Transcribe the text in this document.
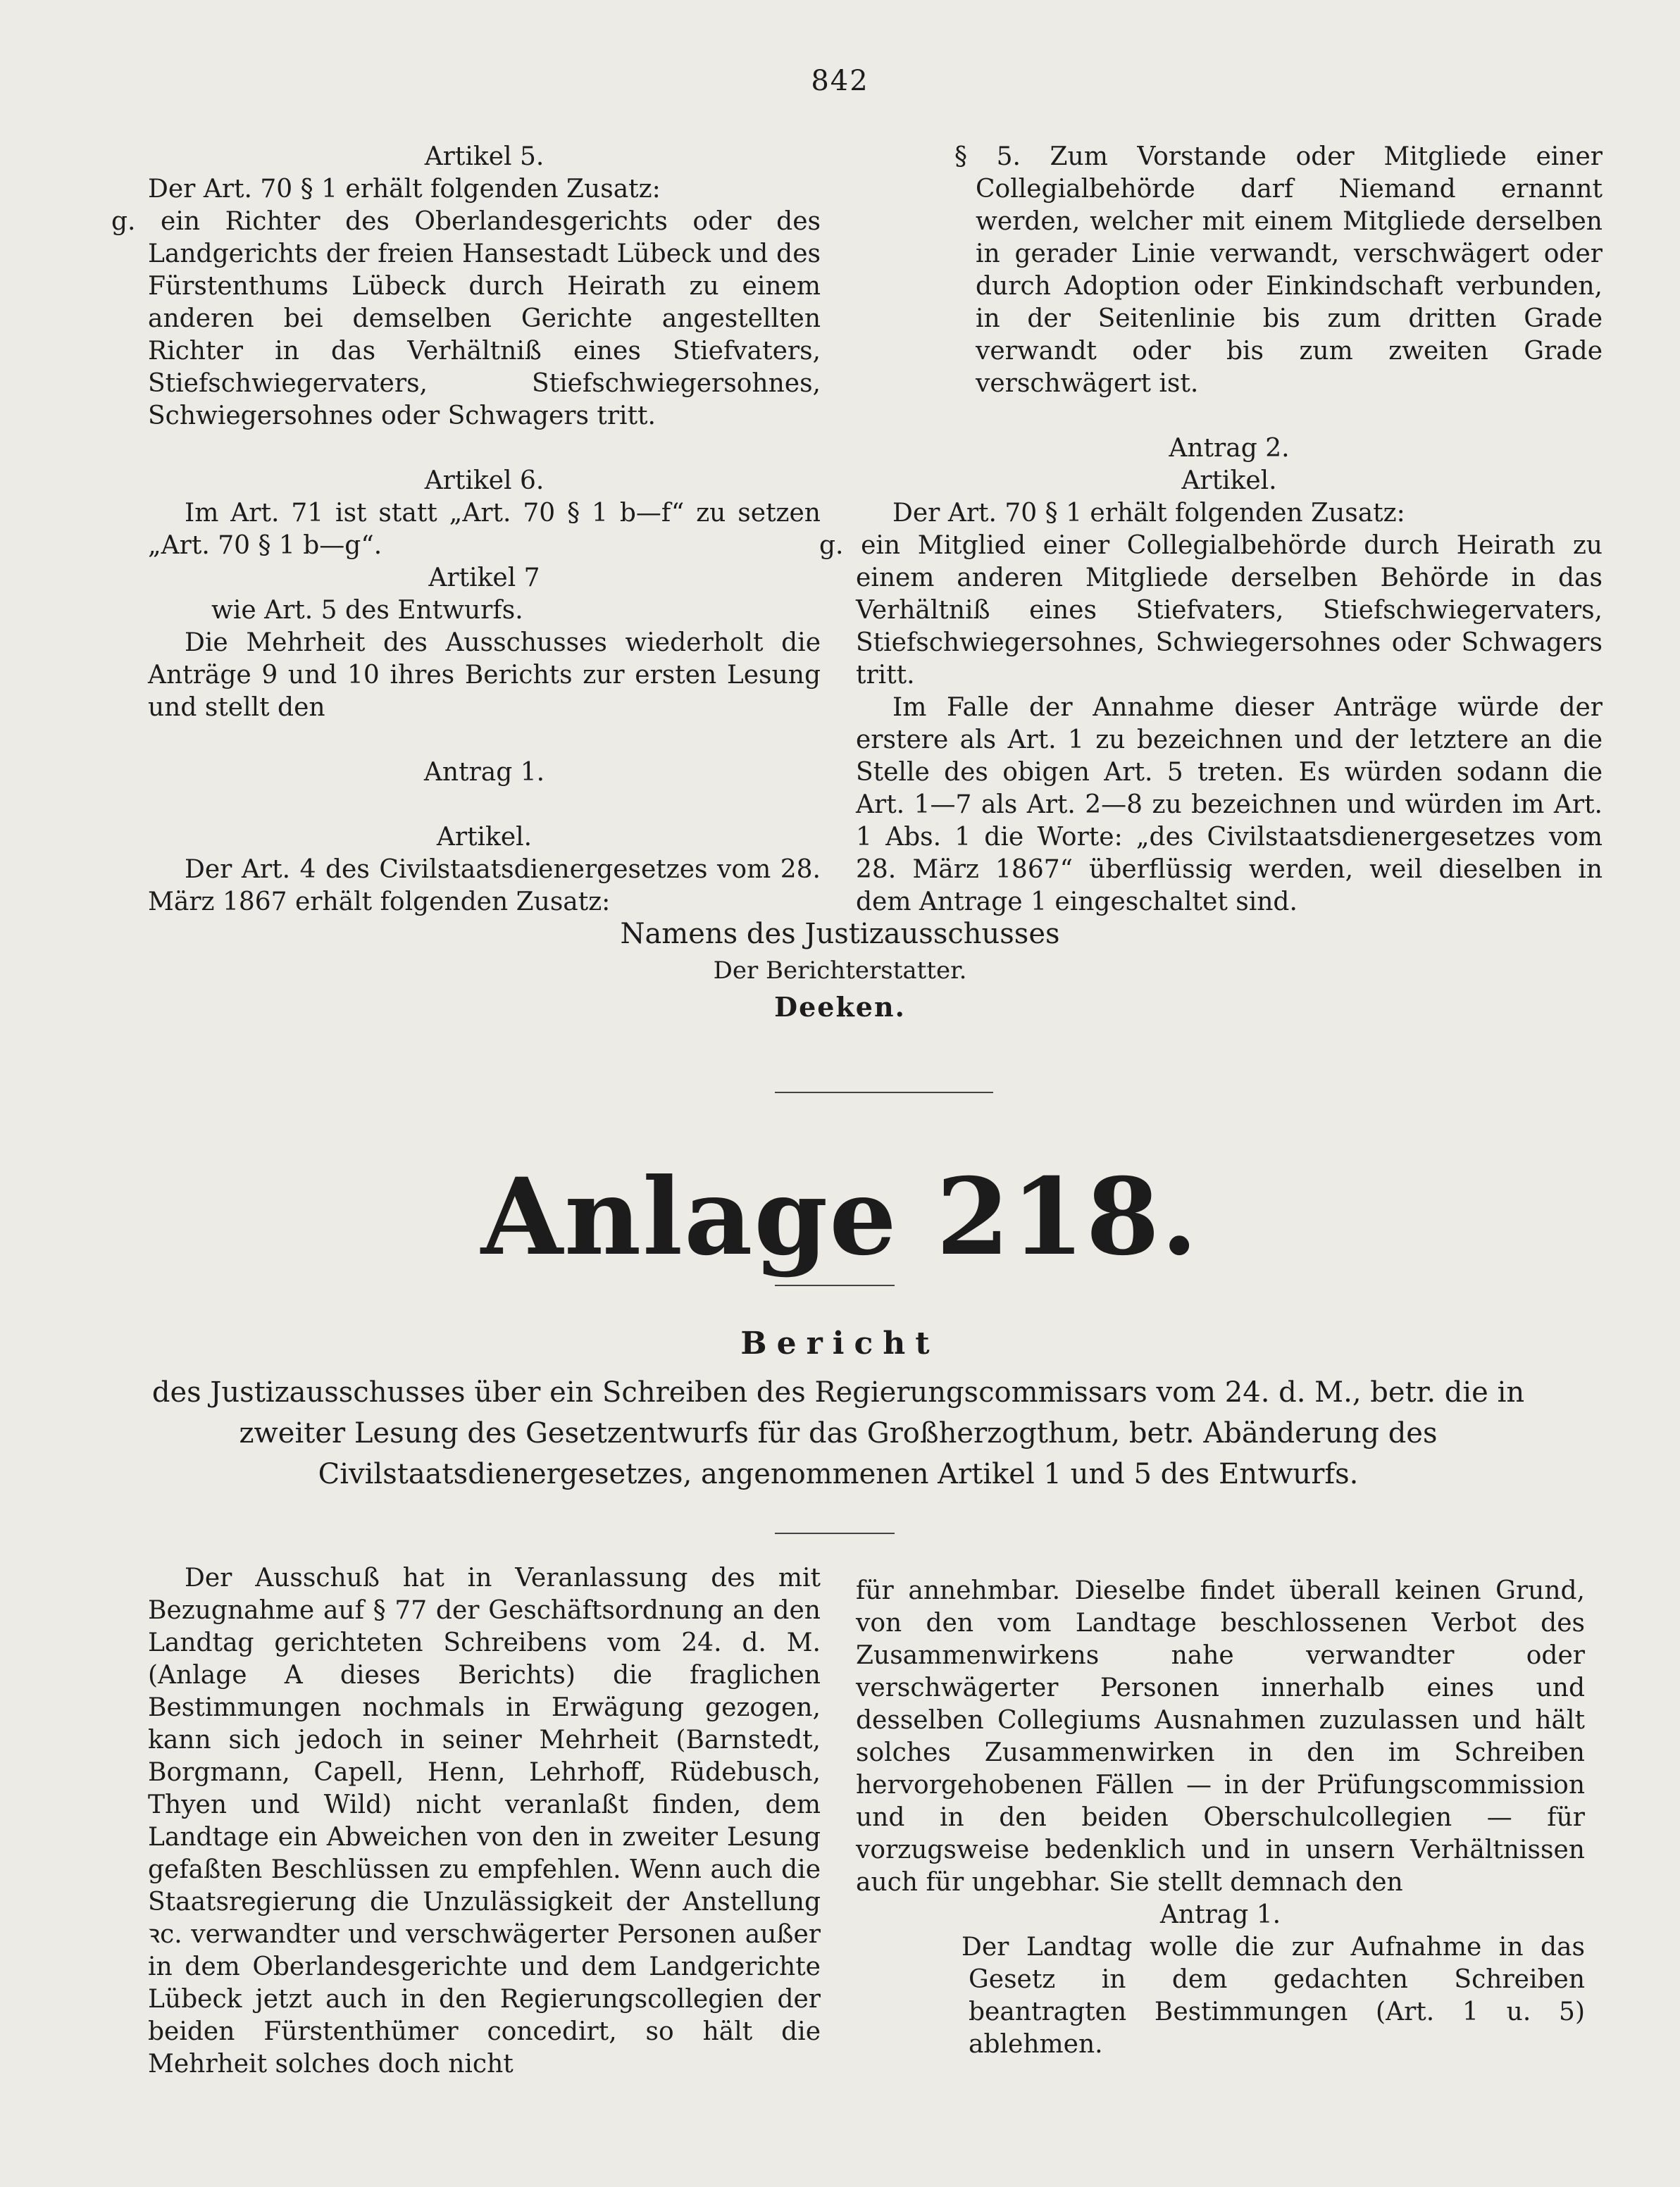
842

Artikel 5.

Der Art. 70 § 1 erhält folgenden Zusatz:

g. ein Richter des Oberlandesgerichts oder des Landgerichts der freien Hansestadt Lübeck und des Fürstenthums Lübeck durch Heirath zu einem anderen bei demselben Gerichte angestellten Richter in das Verhältniß eines Stiefvaters, Stiefschwiegervaters, Stiefschwiegersohnes, Schwiegersohnes oder Schwagers tritt.

Artikel 6.

Im Art. 71 ist statt „Art. 70 § 1 b—f“ zu setzen „Art. 70 § 1 b—g“.

Artikel 7

wie Art. 5 des Entwurfs.

Die Mehrheit des Ausschusses wiederholt die Anträge 9 und 10 ihres Berichts zur ersten Lesung und stellt den

Antrag 1.

Artikel.

Der Art. 4 des Civilstaatsdienergesetzes vom 28. März 1867 erhält folgenden Zusatz:

§ 5. Zum Vorstande oder Mitgliede einer Collegialbehörde darf Niemand ernannt werden, welcher mit einem Mitgliede derselben in gerader Linie verwandt, verschwägert oder durch Adoption oder Einkindschaft verbunden, in der Seitenlinie bis zum dritten Grade verwandt oder bis zum zweiten Grade verschwägert ist.

Antrag 2.

Artikel.

Der Art. 70 § 1 erhält folgenden Zusatz:

g. ein Mitglied einer Collegialbehörde durch Heirath zu einem anderen Mitgliede derselben Behörde in das Verhältniß eines Stiefvaters, Stiefschwiegervaters, Stiefschwiegersohnes, Schwiegersohnes oder Schwagers tritt.

Im Falle der Annahme dieser Anträge würde der erstere als Art. 1 zu bezeichnen und der letztere an die Stelle des obigen Art. 5 treten. Es würden sodann die Art. 1—7 als Art. 2—8 zu bezeichnen und würden im Art. 1 Abs. 1 die Worte: „des Civilstaatsdienergesetzes vom 28. März 1867“ überflüssig werden, weil dieselben in dem Antrage 1 eingeschaltet sind.

Namens des Justizausschusses

Der Berichterstatter.

Deeken.

Anlage 218.
Bericht
des Justizausschusses über ein Schreiben des Regierungscommissars vom 24. d. M., betr. die in zweiter Lesung des Gesetzentwurfs für das Großherzogthum, betr. Abänderung des Civilstaatsdienergesetzes, angenommenen Artikel 1 und 5 des Entwurfs.

Der Ausschuß hat in Veranlassung des mit Bezugnahme auf § 77 der Geschäftsordnung an den Landtag gerichteten Schreibens vom 24. d. M. (Anlage A dieses Berichts) die fraglichen Bestimmungen nochmals in Erwägung gezogen, kann sich jedoch in seiner Mehrheit (Barnstedt, Borgmann, Capell, Henn, Lehrhoff, Rüdebusch, Thyen und Wild) nicht veranlaßt finden, dem Landtage ein Abweichen von den in zweiter Lesung gefaßten Beschlüssen zu empfehlen. Wenn auch die Staatsregierung die Unzulässigkeit der Anstellung ꝛc. verwandter und verschwägerter Personen außer in dem Oberlandesgerichte und dem Landgerichte Lübeck jetzt auch in den Regierungscollegien der beiden Fürstenthümer concedirt, so hält die Mehrheit solches doch nicht

für annehmbar. Dieselbe findet überall keinen Grund, von den vom Landtage beschlossenen Verbot des Zusammenwirkens nahe verwandter oder verschwägerter Personen innerhalb eines und desselben Collegiums Ausnahmen zuzulassen und hält solches Zusammenwirken in den im Schreiben hervorgehobenen Fällen — in der Prüfungscommission und in den beiden Oberschulcollegien — für vorzugsweise bedenklich und in unsern Verhältnissen auch für ungebhar. Sie stellt demnach den

Antrag 1.

Der Landtag wolle die zur Aufnahme in das Gesetz in dem gedachten Schreiben beantragten Bestimmungen (Art. 1 u. 5) ablehmen.
